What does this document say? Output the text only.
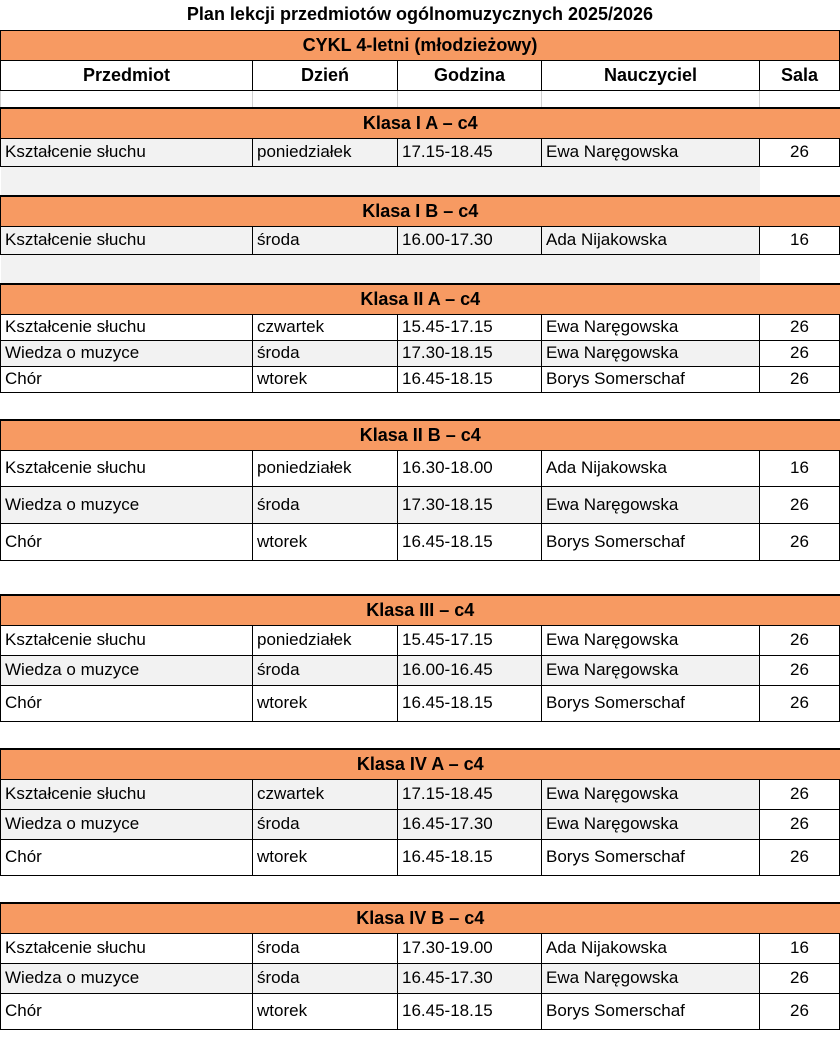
Plan lekcji przedmiotów ogólnomuzycznych 2025/2026				
CYKL 4-letni (młodzieżowy)				
Przedmiot	Dzień	Godzina	Nauczyciel	Sala

Klasa I A – c4				
Kształcenie słuchu	poniedziałek	17.15-18.45	Ewa Naręgowska	26

Klasa I B – c4				
Kształcenie słuchu	środa	16.00-17.30	Ada Nijakowska	16

Klasa II A – c4				
Kształcenie słuchu	czwartek	15.45-17.15	Ewa Naręgowska	26
Wiedza o muzyce	środa	17.30-18.15	Ewa Naręgowska	26
Chór	wtorek	16.45-18.15	Borys Somerschaf	26

Klasa II B – c4				
Kształcenie słuchu	poniedziałek	16.30-18.00	Ada Nijakowska	16
Wiedza o muzyce	środa	17.30-18.15	Ewa Naręgowska	26
Chór	wtorek	16.45-18.15	Borys Somerschaf	26

Klasa III – c4				
Kształcenie słuchu	poniedziałek	15.45-17.15	Ewa Naręgowska	26
Wiedza o muzyce	środa	16.00-16.45	Ewa Naręgowska	26
Chór	wtorek	16.45-18.15	Borys Somerschaf	26

Klasa IV A – c4				
Kształcenie słuchu	czwartek	17.15-18.45	Ewa Naręgowska	26
Wiedza o muzyce	środa	16.45-17.30	Ewa Naręgowska	26
Chór	wtorek	16.45-18.15	Borys Somerschaf	26

Klasa IV B – c4				
Kształcenie słuchu	środa	17.30-19.00	Ada Nijakowska	16
Wiedza o muzyce	środa	16.45-17.30	Ewa Naręgowska	26
Chór	wtorek	16.45-18.15	Borys Somerschaf	26
